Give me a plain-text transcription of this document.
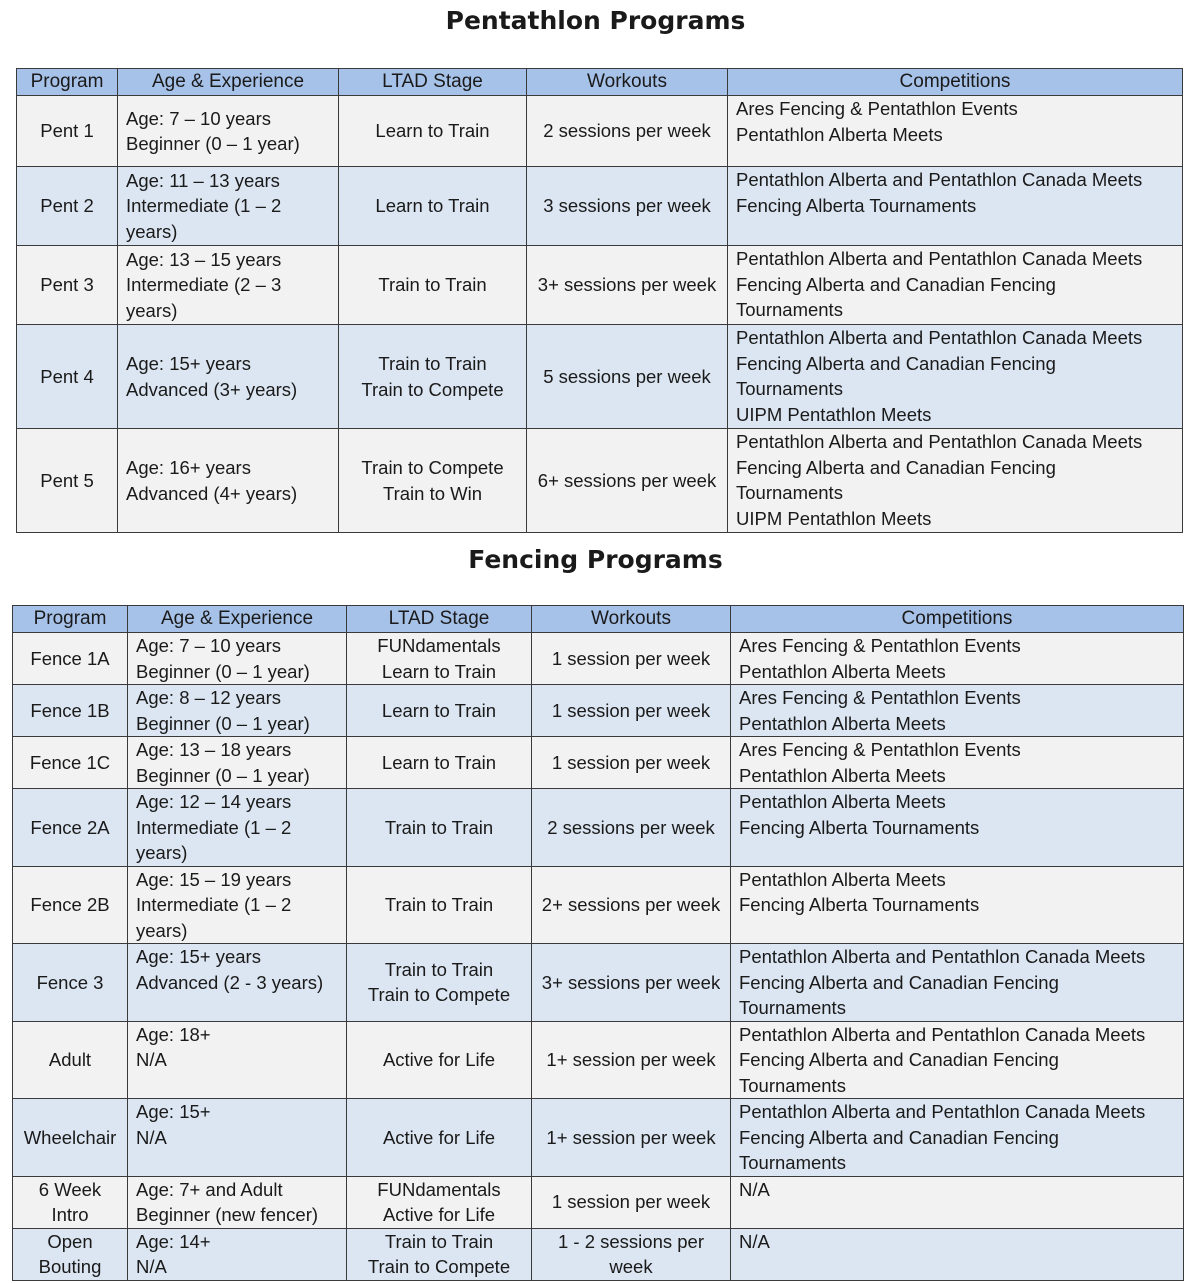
Pentathlon Programs
Program	Age & Experience	LTAD Stage	Workouts	Competitions
Pent 1	Age: 7 – 10 years
Beginner (0 – 1 year)	Learn to Train	2 sessions per week	Ares Fencing & Pentathlon Events
Pentathlon Alberta Meets

Pent 2	Age: 11 – 13 years
Intermediate (1 – 2
years)	Learn to Train	3 sessions per week	Pentathlon Alberta and Pentathlon Canada Meets
Fencing Alberta Tournaments

Pent 3	Age: 13 – 15 years
Intermediate (2 – 3
years)	Train to Train	3+ sessions per week	Pentathlon Alberta and Pentathlon Canada Meets
Fencing Alberta and Canadian Fencing
Tournaments

Pent 4	Age: 15+ years
Advanced (3+ years)	Train to Train
Train to Compete	5 sessions per week	Pentathlon Alberta and Pentathlon Canada Meets
Fencing Alberta and Canadian Fencing
Tournaments
UIPM Pentathlon Meets

Pent 5	Age: 16+ years
Advanced (4+ years)	Train to Compete
Train to Win	6+ sessions per week	Pentathlon Alberta and Pentathlon Canada Meets
Fencing Alberta and Canadian Fencing
Tournaments
UIPM Pentathlon Meets
Fencing Programs
Program	Age & Experience	LTAD Stage	Workouts	Competitions

Fence 1A	Age: 7 – 10 years
Beginner (0 – 1 year)	FUNdamentals
Learn to Train	1 session per week	Ares Fencing & Pentathlon Events
Pentathlon Alberta Meets

Fence 1B	Age: 8 – 12 years
Beginner (0 – 1 year)	Learn to Train	1 session per week	Ares Fencing & Pentathlon Events
Pentathlon Alberta Meets

Fence 1C	Age: 13 – 18 years
Beginner (0 – 1 year)	Learn to Train	1 session per week	Ares Fencing & Pentathlon Events
Pentathlon Alberta Meets

Fence 2A	Age: 12 – 14 years
Intermediate (1 – 2
years)	Train to Train	2 sessions per week	Pentathlon Alberta Meets
Fencing Alberta Tournaments

Fence 2B	Age: 15 – 19 years
Intermediate (1 – 2
years)	Train to Train	2+ sessions per week	Pentathlon Alberta Meets
Fencing Alberta Tournaments

Fence 3	Age: 15+ years
Advanced (2 - 3 years)	Train to Train
Train to Compete	3+ sessions per week	Pentathlon Alberta and Pentathlon Canada Meets
Fencing Alberta and Canadian Fencing
Tournaments

Adult	Age: 18+
N/A	Active for Life	1+ session per week	Pentathlon Alberta and Pentathlon Canada Meets
Fencing Alberta and Canadian Fencing
Tournaments

Wheelchair	Age: 15+
N/A	Active for Life	1+ session per week	Pentathlon Alberta and Pentathlon Canada Meets
Fencing Alberta and Canadian Fencing
Tournaments

6 Week
Intro	Age: 7+ and Adult
Beginner (new fencer)	FUNdamentals
Active for Life	1 session per week	N/A

Open
Bouting	Age: 14+
N/A	Train to Train
Train to Compete	1 - 2 sessions per
week	N/A
